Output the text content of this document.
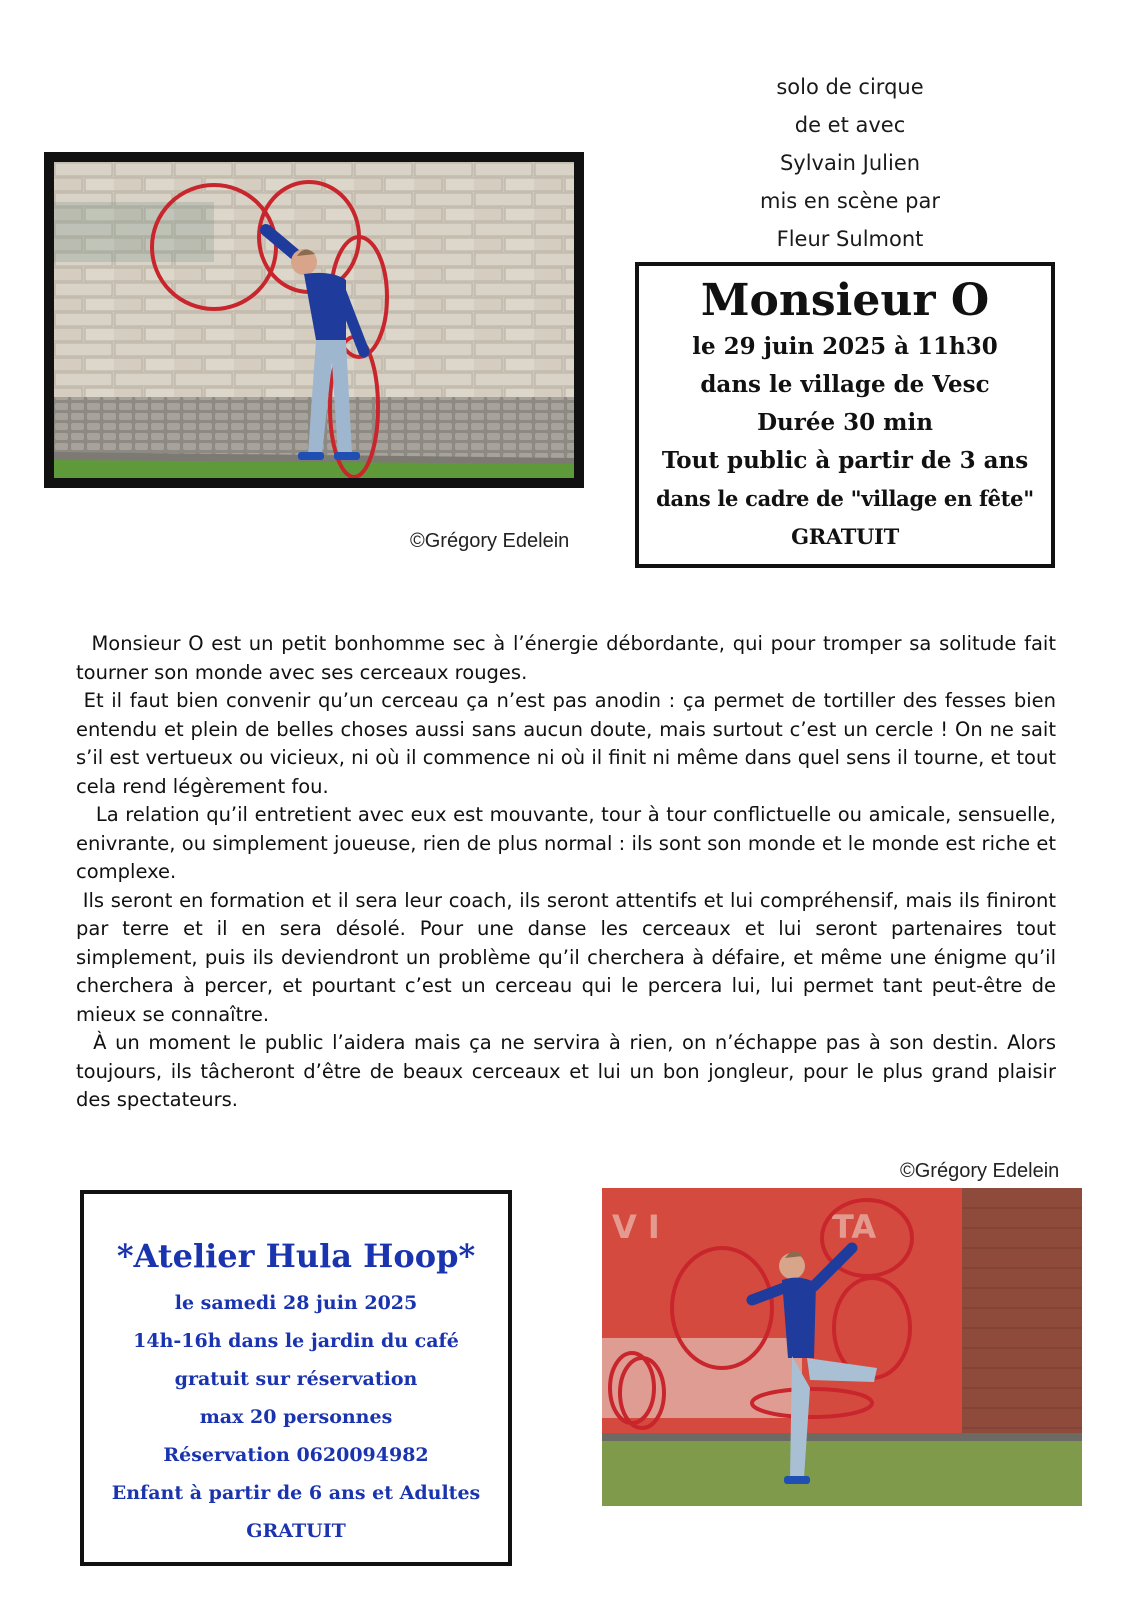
solo de cirque
de et avec
Sylvain Julien
mis en scène par
Fleur Sulmont
©Grégory Edelein
Monsieur O
le 29 juin 2025 à 11h30
dans le village de Vesc
Durée 30 min
Tout public à partir de 3 ans
dans le cadre de "village en fête"
GRATUIT

Monsieur O est un petit bonhomme sec à l’énergie débordante, qui pour tromper sa solitude fait tourner son monde avec ses cerceaux rouges.

Et il faut bien convenir qu’un cerceau ça n’est pas anodin : ça permet de tortiller des fesses bien entendu et plein de belles choses aussi sans aucun doute, mais surtout c’est un cercle ! On ne sait s’il est vertueux ou vicieux, ni où il commence ni où il finit ni même dans quel sens il tourne, et tout cela rend légèrement fou.

La relation qu’il entretient avec eux est mouvante, tour à tour conflictuelle ou amicale, sensuelle, enivrante, ou simplement joueuse, rien de plus normal : ils sont son monde et le monde est riche et complexe.

Ils seront en formation et il sera leur coach, ils seront attentifs et lui compréhensif, mais ils finiront par terre et il en sera désolé. Pour une danse les cerceaux et lui seront partenaires tout simplement, puis ils deviendront un problème qu’il cherchera à défaire, et même une énigme qu’il cherchera à percer, et pourtant c’est un cerceau qui le percera lui, lui permet tant peut-être de mieux se connaître.

À un moment le public l’aidera mais ça ne servira à rien, on n’échappe pas à son destin. Alors toujours, ils tâcheront d’être de beaux cerceaux et lui un bon jongleur, pour le plus grand plaisir des spectateurs.

*Atelier Hula Hoop*
le samedi 28 juin 2025
14h-16h dans le jardin du café
gratuit sur réservation
max 20 personnes
Réservation 0620094982
Enfant à partir de 6 ans et Adultes
GRATUIT
©Grégory Edelein
V I	TA
